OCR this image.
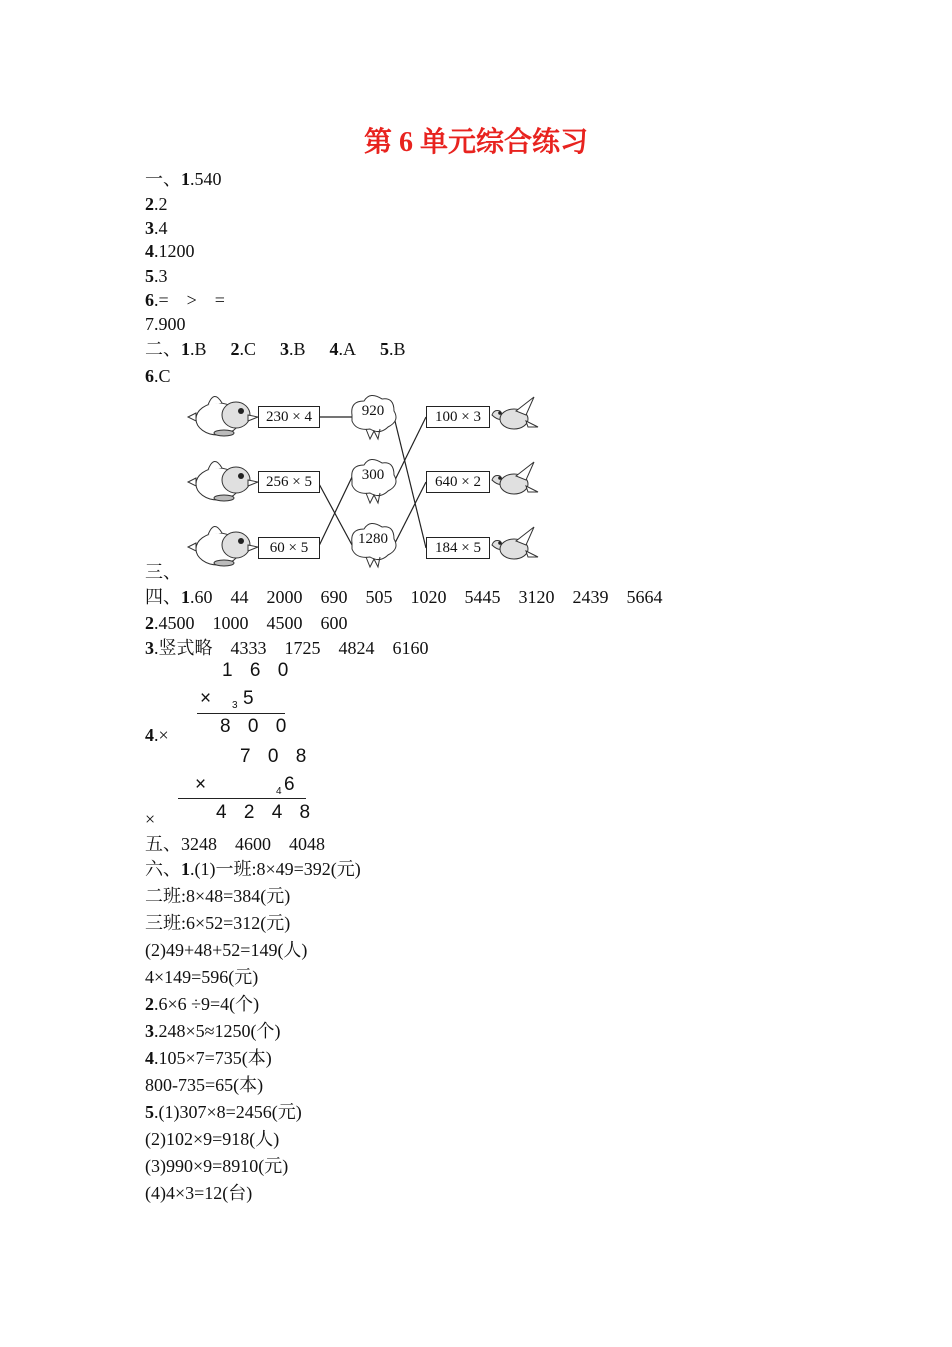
第 6 单元综合练习
一、1.540
2.2
3.4
4.1200
5.3
6.=    >    =
7.900
二、1.B 2.C 3.B 4.A 5.B
6.C
230 × 4
256 × 5
60 × 5
920
300
1280
100 × 3
640 × 2
184 × 5
三、
四、1.60    44    2000    690    505    1020    5445    3120    2439    5664
2.4500    1000    4500    600
3.竖式略    4333    1725    4824    6160
1 6 0
× 3 5
8 0 0
4.×
7 0 8
×	4 6
4 2 4 8
×
五、3248    4600    4048
六、1.(1)一班:8×49=392(元)
二班:8×48=384(元)
三班:6×52=312(元)
(2)49+48+52=149(人)
4×149=596(元)
2.6×6 ÷9=4(个)
3.248×5≈1250(个)
4.105×7=735(本)
800-735=65(本)
5.(1)307×8=2456(元)
(2)102×9=918(人)
(3)990×9=8910(元)
(4)4×3=12(台)
